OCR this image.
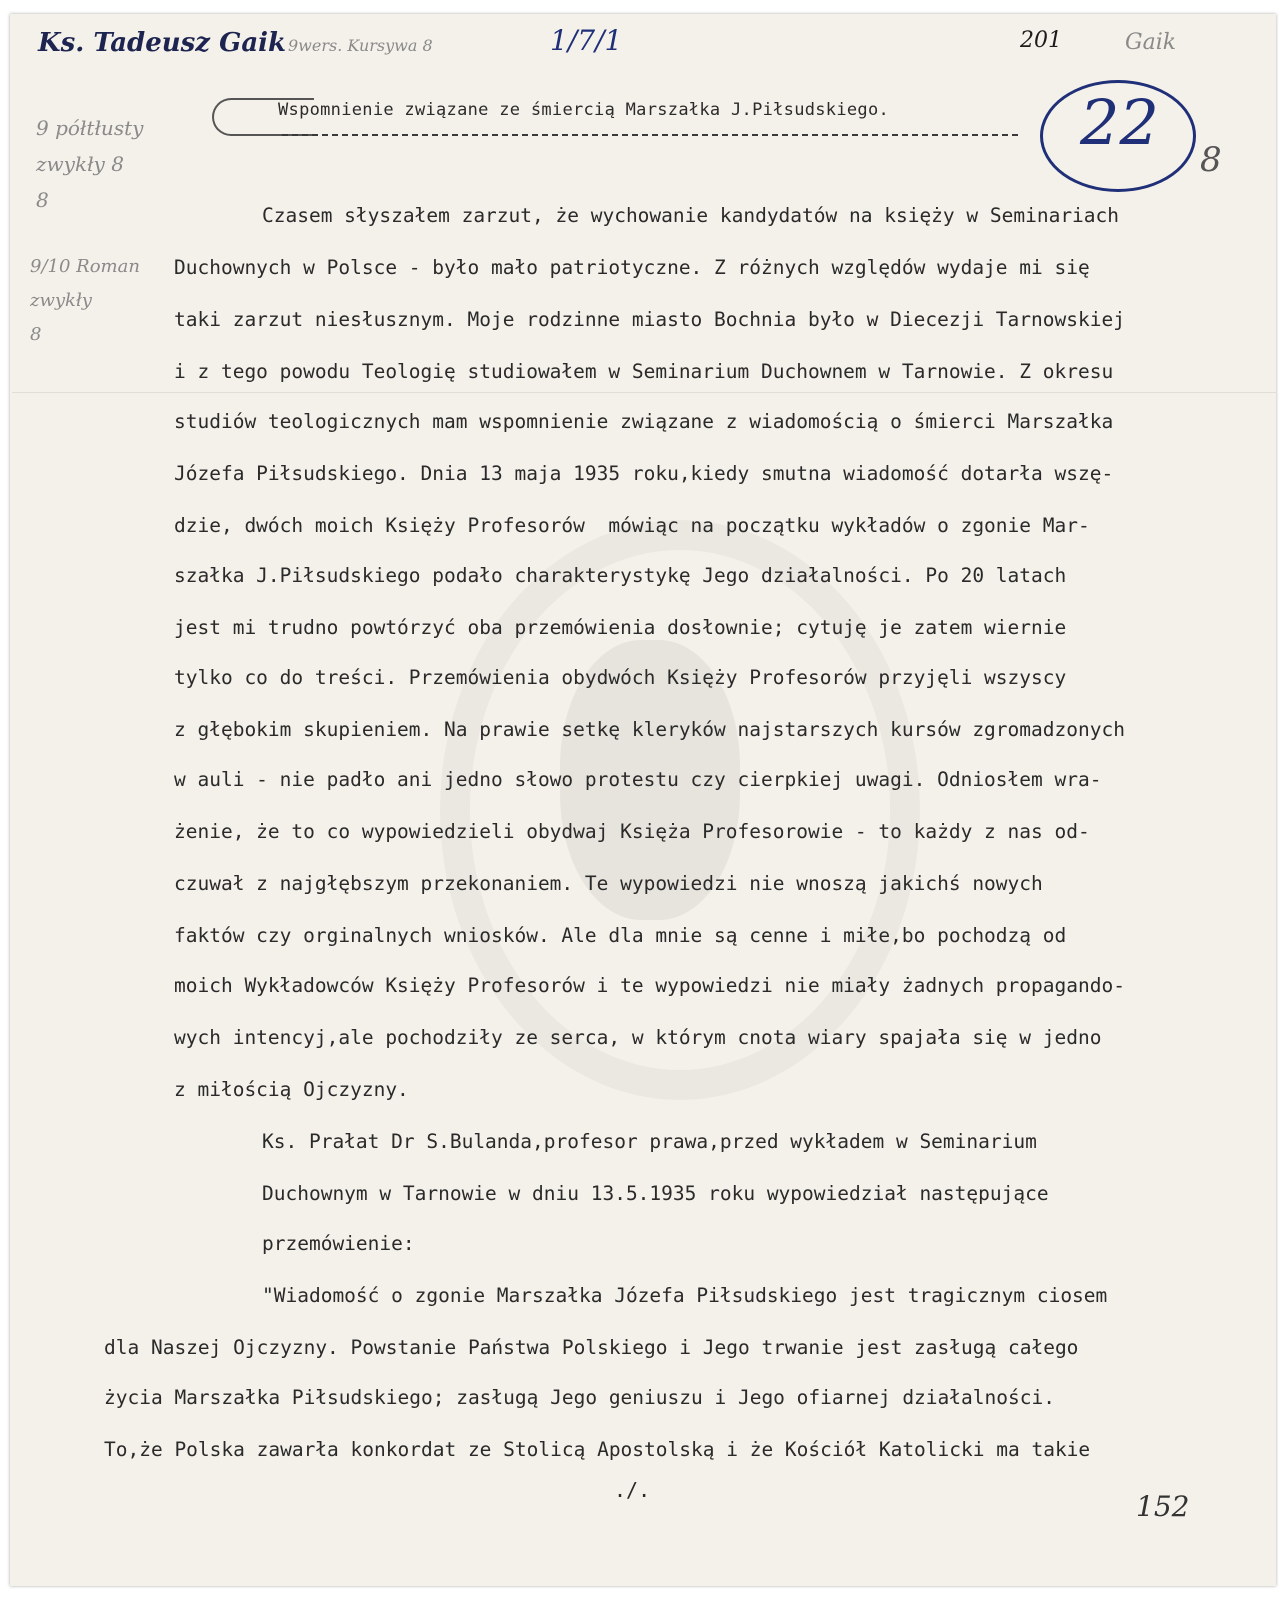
Ks. Tadeusz Gaik 9wers. Kursywa 8	1/7/1	201	Gaik
22
8
9 półtłusty
zwykły 8
8
9/10 Roman
zwykły
8
Wspomnienie związane ze śmiercią Marszałka J.Piłsudskiego.
Czasem słyszałem zarzut, że wychowanie kandydatów na księży w Seminariach
Duchownych w Polsce - było mało patriotyczne. Z różnych względów wydaje mi się
taki zarzut niesłusznym. Moje rodzinne miasto Bochnia było w Diecezji Tarnowskiej
i z tego powodu Teologię studiowałem w Seminarium Duchownem w Tarnowie. Z okresu
studiów teologicznych mam wspomnienie związane z wiadomością o śmierci Marszałka
Józefa Piłsudskiego. Dnia 13 maja 1935 roku,kiedy smutna wiadomość dotarła wszę-
dzie, dwóch moich Księży Profesorów  mówiąc na początku wykładów o zgonie Mar-
szałka J.Piłsudskiego podało charakterystykę Jego działalności. Po 20 latach
jest mi trudno powtórzyć oba przemówienia dosłownie; cytuję je zatem wiernie
tylko co do treści. Przemówienia obydwóch Księży Profesorów przyjęli wszyscy
z głębokim skupieniem. Na prawie setkę kleryków najstarszych kursów zgromadzonych
w auli - nie padło ani jedno słowo protestu czy cierpkiej uwagi. Odniosłem wra-
żenie, że to co wypowiedzieli obydwaj Księża Profesorowie - to każdy z nas od-
czuwał z najgłębszym przekonaniem. Te wypowiedzi nie wnoszą jakichś nowych
faktów czy orginalnych wniosków. Ale dla mnie są cenne i miłe,bo pochodzą od
moich Wykładowców Księży Profesorów i te wypowiedzi nie miały żadnych propagando-
wych intencyj,ale pochodziły ze serca, w którym cnota wiary spajała się w jedno
z miłością Ojczyzny.
Ks. Prałat Dr S.Bulanda,profesor prawa,przed wykładem w Seminarium
Duchownym w Tarnowie w dniu 13.5.1935 roku wypowiedział następujące
przemówienie:
"Wiadomość o zgonie Marszałka Józefa Piłsudskiego jest tragicznym ciosem
dla Naszej Ojczyzny. Powstanie Państwa Polskiego i Jego trwanie jest zasługą całego
życia Marszałka Piłsudskiego; zasługą Jego geniuszu i Jego ofiarnej działalności.
To,że Polska zawarła konkordat ze Stolicą Apostolską i że Kościół Katolicki ma takie
./.	152
